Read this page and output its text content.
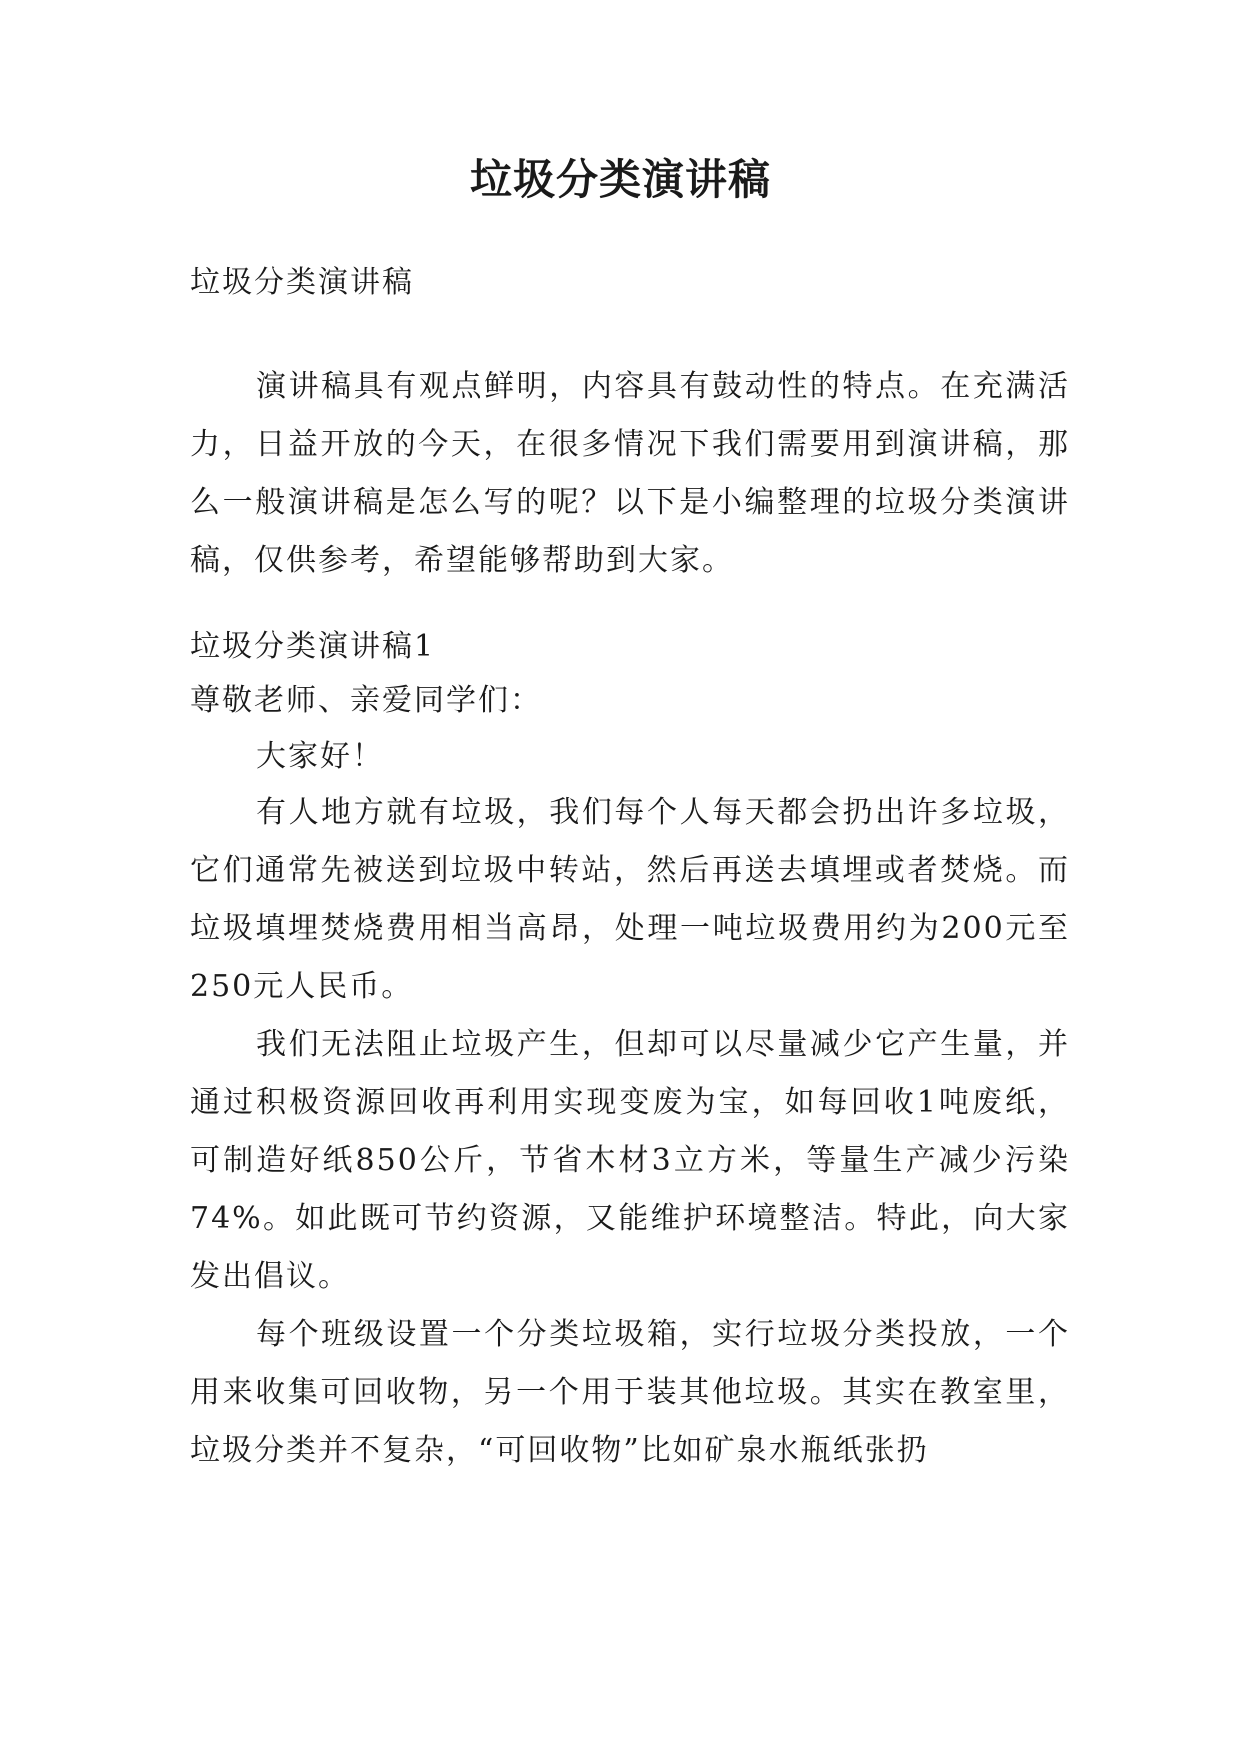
垃圾分类演讲稿

垃圾分类演讲稿

演讲稿具有观点鲜明，内容具有鼓动性的特点。在充满活力，日益开放的今天，在很多情况下我们需要用到演讲稿，那么一般演讲稿是怎么写的呢？以下是小编整理的垃圾分类演讲稿，仅供参考，希望能够帮助到大家。

垃圾分类演讲稿1

尊敬老师、亲爱同学们：

大家好！

有人地方就有垃圾，我们每个人每天都会扔出许多垃圾，它们通常先被送到垃圾中转站，然后再送去填埋或者焚烧。而垃圾填埋焚烧费用相当高昂，处理一吨垃圾费用约为200元至250元人民币。

我们无法阻止垃圾产生，但却可以尽量减少它产生量，并通过积极资源回收再利用实现变废为宝，如每回收1吨废纸，可制造好纸850公斤，节省木材3立方米，等量生产减少污染74%。如此既可节约资源，又能维护环境整洁。特此，向大家发出倡议。

每个班级设置一个分类垃圾箱，实行垃圾分类投放，一个用来收集可回收物，另一个用于装其他垃圾。其实在教室里，垃圾分类并不复杂，“可回收物”比如矿泉水瓶纸张扔
